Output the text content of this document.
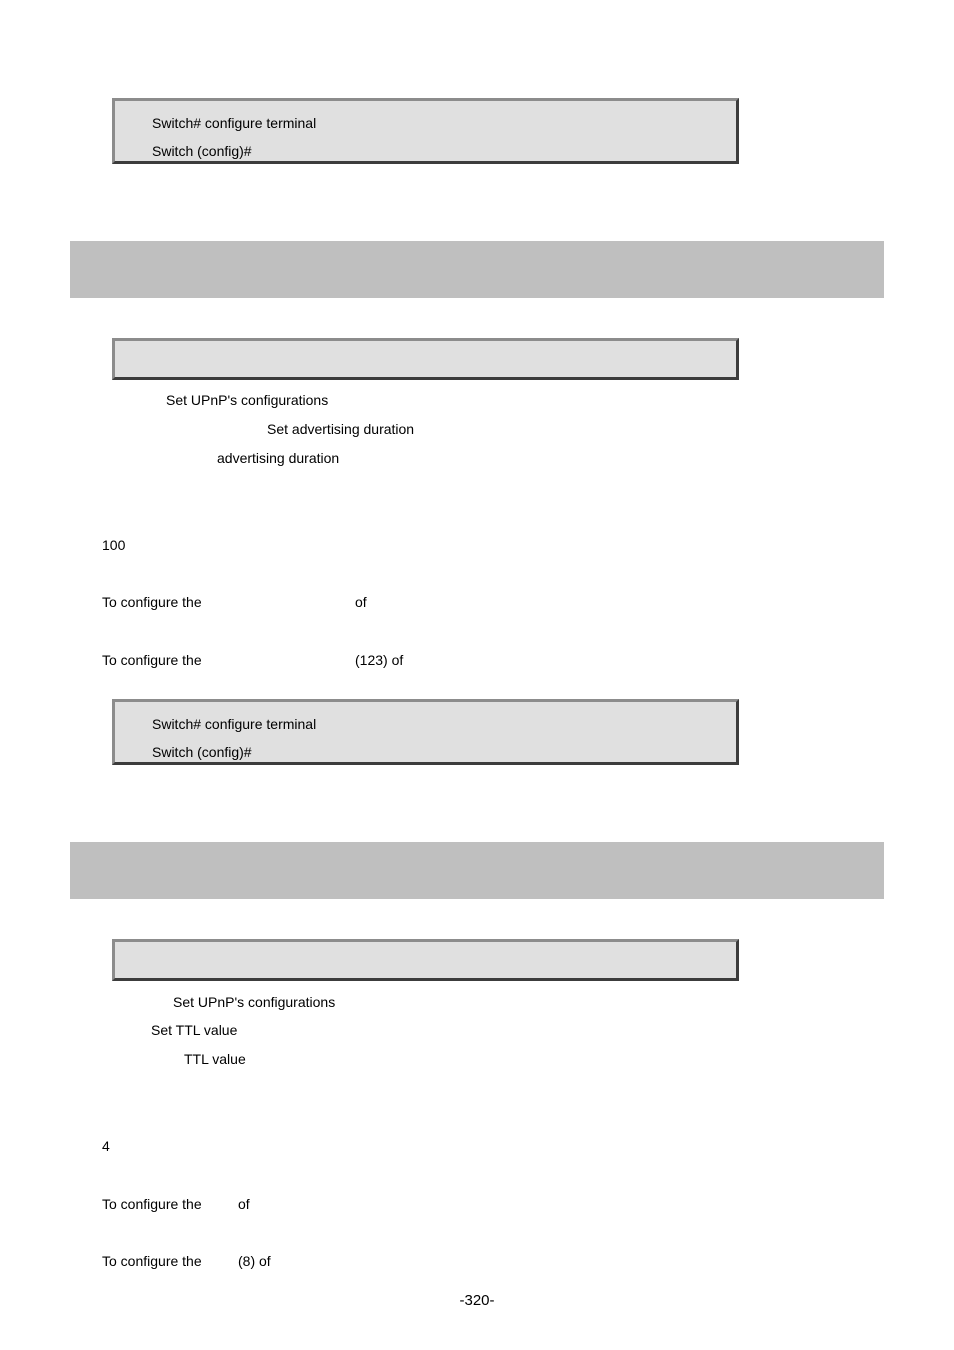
Switch# configure terminal
Switch (config)#
Set UPnP's configurations
Set advertising duration
advertising duration
100
To configure the	of
To configure the	(123) of
Switch# configure terminal
Switch (config)#
Set UPnP's configurations
Set TTL value
TTL value
4
To configure the	of
To configure the	(8) of
-320-
